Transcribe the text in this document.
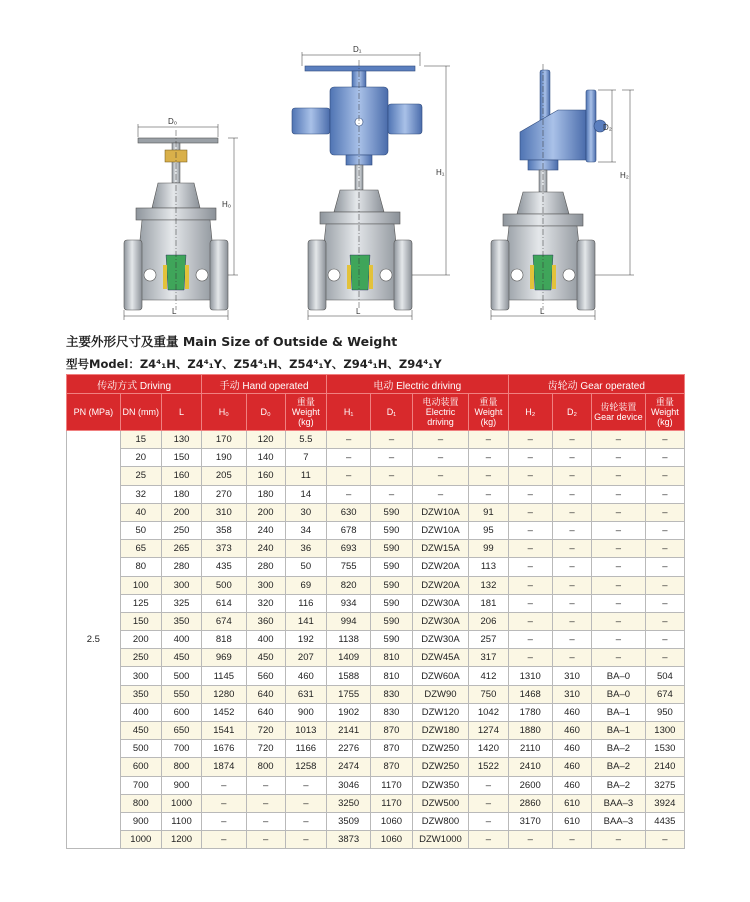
D₀
H₀
L
D₁
H₁
L
D₂
H₂
L
主要外形尺寸及重量 Main Size of Outside & Weight
型号Model：Z4⁴₁H、Z4⁴₁Y、Z54⁴₁H、Z54⁴₁Y、Z94⁴₁H、Z94⁴₁Y
传动方式 Driving			手动 Hand operated			电动 Electric driving				齿轮动 Gear operated			
PN (MPa)	DN (mm)	L	H₀	D₀	重量 Weight (kg)	H₁	D₁	电动装置 Electric driving	重量 Weight (kg)	H₂	D₂	齿轮装置 Gear device	重量 Weight (kg)
2.5	15	130	170	120	5.5	–	–	–	–	–	–	–	–
	20	150	190	140	7	–	–	–	–	–	–	–	–
	25	160	205	160	11	–	–	–	–	–	–	–	–
	32	180	270	180	14	–	–	–	–	–	–	–	–
	40	200	310	200	30	630	590	DZW10A	91	–	–	–	–
	50	250	358	240	34	678	590	DZW10A	95	–	–	–	–
	65	265	373	240	36	693	590	DZW15A	99	–	–	–	–
	80	280	435	280	50	755	590	DZW20A	113	–	–	–	–
	100	300	500	300	69	820	590	DZW20A	132	–	–	–	–
	125	325	614	320	116	934	590	DZW30A	181	–	–	–	–
	150	350	674	360	141	994	590	DZW30A	206	–	–	–	–
	200	400	818	400	192	1138	590	DZW30A	257	–	–	–	–
	250	450	969	450	207	1409	810	DZW45A	317	–	–	–	–
	300	500	1145	560	460	1588	810	DZW60A	412	1310	310	BA–0	504
	350	550	1280	640	631	1755	830	DZW90	750	1468	310	BA–0	674
	400	600	1452	640	900	1902	830	DZW120	1042	1780	460	BA–1	950
	450	650	1541	720	1013	2141	870	DZW180	1274	1880	460	BA–1	1300
	500	700	1676	720	1166	2276	870	DZW250	1420	2110	460	BA–2	1530
	600	800	1874	800	1258	2474	870	DZW250	1522	2410	460	BA–2	2140
	700	900	–	–	–	3046	1170	DZW350	–	2600	460	BA–2	3275
	800	1000	–	–	–	3250	1170	DZW500	–	2860	610	BAA–3	3924
	900	1100	–	–	–	3509	1060	DZW800	–	3170	610	BAA–3	4435
	1000	1200	–	–	–	3873	1060	DZW1000	–	–	–	–	–
